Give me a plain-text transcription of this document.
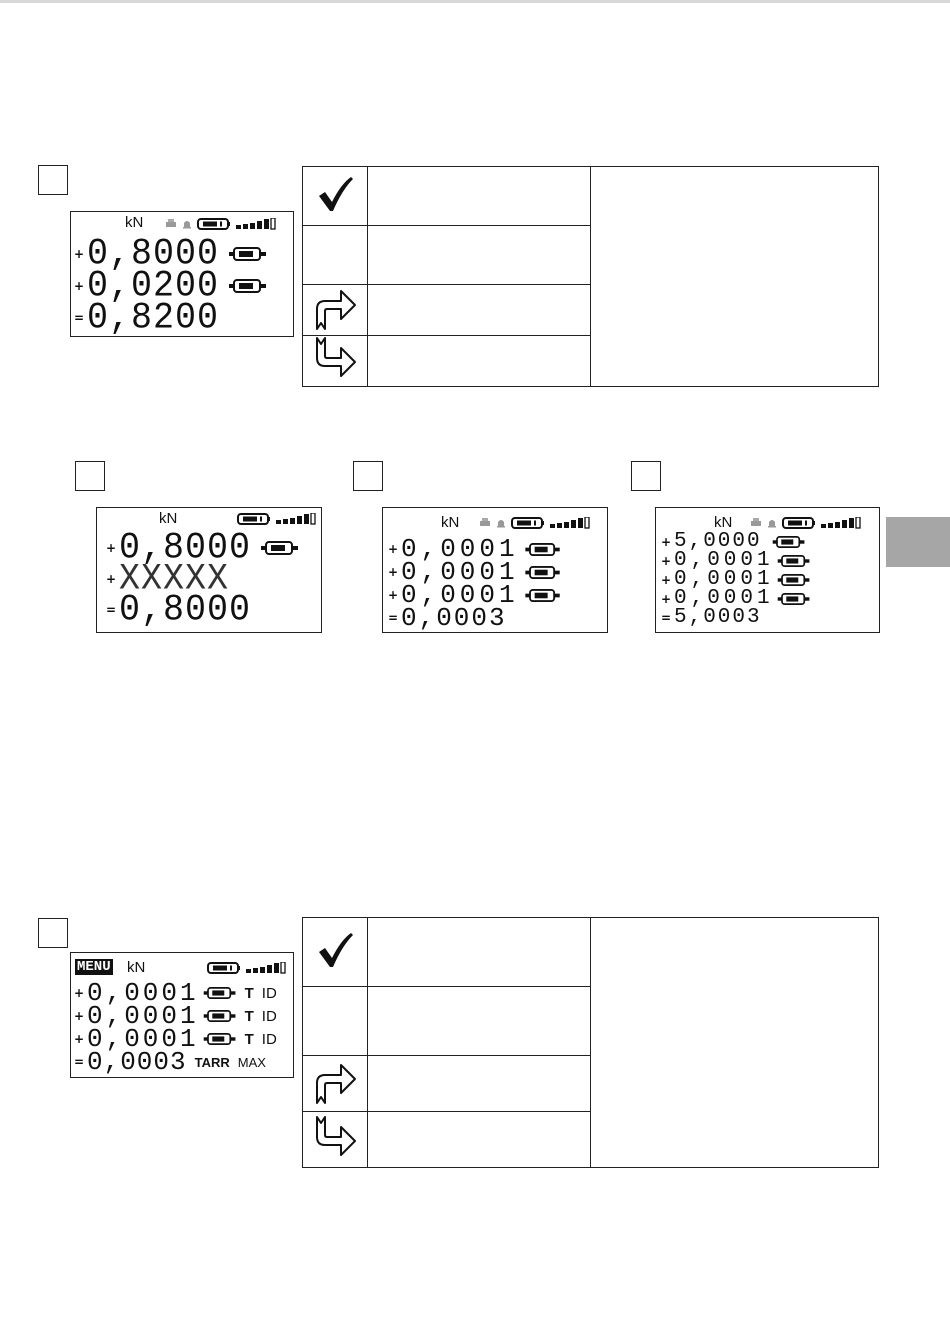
kN
+ 0,8000
+ 0,0200
= 0,8200

kN
+ 0,8000
+ XXXXX
= 0,8000
kN
+ 0,0001
+ 0,0001
+ 0,0001
= 0,0003
kN
+ 5,0000
+ 0,0001
+ 0,0001
+ 0,0001
= 5,0003
MENU kN
+ 0,0001	T ID
+ 0,0001	T ID
+ 0,0001	T ID
= 0,0003 TARR MAX
